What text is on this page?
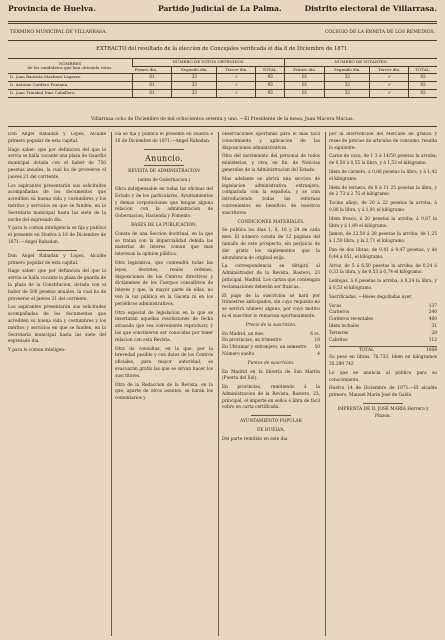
Provincia de Huelva.	Partido Judicial de La Palma.	Distrito electoral de Villarrasa.
TERMINO MUNICIPAL DE VILLARRASA.	COLEGIO DE LA ERMITA DE LOS REMEDIOS.
EXTRACTO del resultado de la eleccion de Concejales verificada el dia 8 de Diciembre de 1871.
NOMBRES
de los candidatos que han obtenido votos.	NÚMERO DE VOTOS OBTENIDOS.				NÚMERO DE VOTANTES.			
	Primer dia.	Segundo dia.	Tercer dia.	TOTAL.	Primer dia.	Segundo dia.	Tercer dia.	TOTAL.
D. Juan Bautista Martinez Lagares.	61	32	»	93	61	32	»	93
D. Antonio Cordero Fontana.	61	32	»	93	61	32	»	93
D. Juan Trinidad Diaz Caballero.	61	32	»	93	61	32	»	93
Villarrasa ocho de Diciembre de mil ochocientos setenta y uno. —El Presidente de la mesa, Juan Macera Macias.

Don Angel Rabadan y Lopez, Alcalde primero popular de esta capital.

Hago saber: que por defuncion del que la servia se halla vacante una plaza de Guardia municipal dotada con el haber de 750 pesetas anuales, la cual ha de proveerse el jueves 21 del corriente.

Los aspirantes presentarán sus solicitudes acompañadas de los documentos que acrediten su buena vida y costumbres y los méritos y servicios en que se funden, en la Secretaría municipal hasta las siete de la noche del espresado dia.

Y para lo comun inteligencia se fija y publica el presente en Huelva á 16 de Diciembre de 1871.—Angel Rabadan.

Don Angel Rabadan y Lopez, Alcalde primero popular de esta capital.

Hago saber: que por defuncion del que la servia se halla vacante la plaza de guarda de la plaza de la Constitucion, dotada con el haber de 500 pesetas anuales, la cual ha de proveerse el jueves 21 del corriente.

Los aspirantes presentarán sus solicitudes acompañadas de los documentos que acrediten su buena vida y costumbres y los méritos y servicios en que se funden, en la Secretaría municipal hasta las siete del espresado dia.

Y para lo comun inteligen-

cia se fija y publica el presente en Huelva á 16 de Diciembre de 1871.—Angel Rabadan.

Anuncio.

REVISTA DE ADMINISTRACION

(antes de Gobernacion.)

Obra indispensable en todas las oficinas del Estado y de los particulares, Ayuntamientos y demas corporaciones que tengan alguna relacion con la administracion de Gobernacion, Hacienda y Fomento.

BASES DE LA PUBLICACION.

Consta de una Seccion doctrinal, en la que se tratan con la imparcialidad debida las materias de interes comun que mas interesan la opinion pública.

Otra legislativa, que contendrá todas las leyes, decretos, reales órdenes, disposiciones de los Centros directivos y dictámenes de los Cuerpos consultivos de interes y que, la mayor parte de ellas, no ven la luz pública en la Gaceta ni en los periódicos administrativos.

Otra especial de legislacion en la que se insertarán aquellas resoluciones de fecha atrasada que sea conveniente reproducir, y las que convinieren ser conocidas por tener relacion con esta Revista.

Otra de consultas, en la que, por la brevedad posible y con datos de los Centros oficiales, para mayor autoridad, se evacuarán gratis las que se sirvan hacer los suscritores.

Otra de la Redaccion de la Revista, en la que, aparte de otros asuntos, se harán los comentarios y

observaciones oportunas para el mas fácil conocimiento y aplicacion de las disposiciones administrativas.

Otra del movimiento del personal de todos ministerios, y otra, en fin, de Noticias generales de la Administracion del Estado.

Mas adelante se abrirá una seccion de legislacion administrativa extranjera, comparada con la española, y se irán introduciendo todas las reformas convenientes en beneficio de nuestros suscritores.

CONDICIONES MATERIALES.

Se publica los dias 1, 8, 16 y 24 de cada mes. El número consta de 32 páginas del tamaño de este prospecto, sin perjuicio de dar gratis los suplementos que la abundancia de original exija.

La correspondencia se dirigirá al Administrador de la Revista, Bastero, 23 principal, Madrid. Los cartas que contengan reclamaciones deberán ser francas.

El pago de la suscricion se hará por trimestres anticipados, sin cuyo requisito no se servirá número alguno, por cuyo motivo ni el suscritor lo renuevan oportunamente.

Precio de la suscricion.

En Madrid, un mes	6 rs.
En provincias, un trimestre	18
En Ultramar y extranjero, un semestre 50
Número suelto	4

Puntos de suscricion.

En Madrid en la librería de San Martin (Puerta del Sol).

En provincias, remitiendo á la Administracion de la Revista, Bastero, 23, principal, el importe en sellos ó libra de fácil cobro en carta certificada.

AYUNTAMIENTO POPULAR

DE HUELVA.

Del parte remitido en este dia

por la intervencion del Mercado de granos y reses de precios de articulos de consumo, resulta lo siguiente:

Carne de vaca, de 1 3 á 14/50 pesetas la arroba; de 0,50 á 0,55 la libra, y á 1,53 el kilógramo.

Idem de carnero, á 0,88 pesetas la libra, y á 1,42 el kilógramo.

Idem de ternera, de 8 á 11 25 pesetas la libra, y de 2 73 á 2 75 el kilógramo.

Tocino añejo, de 20 á 22 pesetas la arroba; á 0,88 la libra, y á 1,91 el kilógramo.

Idem fresco, á 20 pesetas la arroba; á 0,87 la libra y á 1,89 el kilógramo.

Jamon, de 22,50 á 28 pesetas la arroba; de 1,25 á 1,50 libra, y la 2,71 el kilógramo.

Pan de dos libras; de 0,41 á 0,47 pesetas, y de 0,44 á 051, el kilógramo.

Arroz, de 5 á 6,50 pesetas la arroba; de 0,24 á 0,33 la libra, y de 0,53 á 0,74 el kilógramo.

Lentejas, á 6 pesetas la arroba; á 0,24 la libra, y á 0,53 el kilógramo.

Sacrificadas. —Reses degolladas ayer.

Vacas	137
Carneros	240
Corderos recentales	460
Idem lechales	31
Terneras	28
Cabritos	112
TOTAL	1008

Su peso en libras. 76.733. Idem en kilógramos 35.299 742

Lo que se anuncia al público para su conocimiento.

Huelva 14 de Diciembre de 1871.—El alcalde primero, Manuel Marin José de Galdo.

IMPRENTA DE D. JOSÉ MARIA Herrera y Pinzon.
